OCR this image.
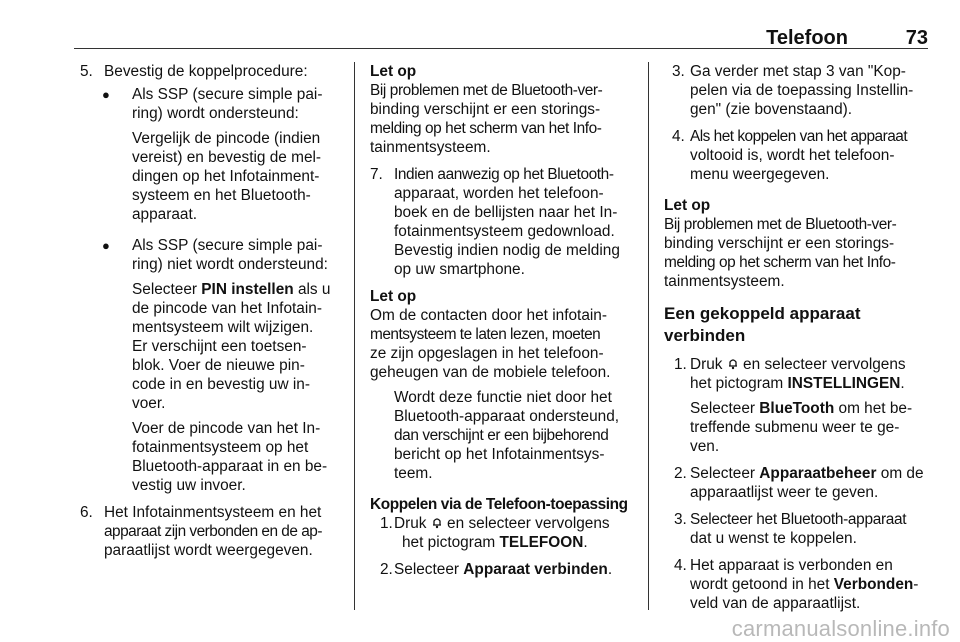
Telefoon	73
5. Bevestig de koppelprocedure:

● Als SSP (secure simple pai-

ring) wordt ondersteund:

Vergelijk de pincode (indien

vereist) en bevestig de mel-

dingen op het Infotainment-

systeem en het Bluetooth-

apparaat.

● Als SSP (secure simple pai-

ring) niet wordt ondersteund:

Selecteer PIN instellen als u

de pincode van het Infotain-

mentsysteem wilt wijzigen.

Er verschijnt een toetsen-

blok. Voer de nieuwe pin-

code in en bevestig uw in-

voer.

Voer de pincode van het In-

fotainmentsysteem op het

Bluetooth-apparaat in en be-

vestig uw invoer.

6. Het Infotainmentsysteem en het

apparaat zijn verbonden en de ap-

paraatlijst wordt weergegeven.

Let op

Bij problemen met de Bluetooth-ver-

binding verschijnt er een storings-

melding op het scherm van het Info-

tainmentsysteem.

7. Indien aanwezig op het Bluetooth-

apparaat, worden het telefoon-

boek en de bellijsten naar het In-

fotainmentsysteem gedownload.

Bevestig indien nodig de melding

op uw smartphone.

Let op

Om de contacten door het infotain-

mentsysteem te laten lezen, moeten

ze zijn opgeslagen in het telefoon-

geheugen van de mobiele telefoon.

Wordt deze functie niet door het

Bluetooth-apparaat ondersteund,

dan verschijnt er een bijbehorend

bericht op het Infotainmentsys-

teem.

Koppelen via de Telefoon-toepassing

1. Druk  en selecteer vervolgens

het pictogram TELEFOON.

2. Selecteer Apparaat verbinden.

3. Ga verder met stap 3 van "Kop-

pelen via de toepassing Instellin-

gen" (zie bovenstaand).

4. Als het koppelen van het apparaat

voltooid is, wordt het telefoon-

menu weergegeven.

Let op

Bij problemen met de Bluetooth-ver-

binding verschijnt er een storings-

melding op het scherm van het Info-

tainmentsysteem.

Een gekoppeld apparaat
verbinden
1. Druk  en selecteer vervolgens

het pictogram INSTELLINGEN.

Selecteer BlueTooth om het be-

treffende submenu weer te ge-

ven.

2. Selecteer Apparaatbeheer om de

apparaatlijst weer te geven.

3. Selecteer het Bluetooth-apparaat

dat u wenst te koppelen.

4. Het apparaat is verbonden en

wordt getoond in het Verbonden-

veld van de apparaatlijst.

carmanualsonline.info
